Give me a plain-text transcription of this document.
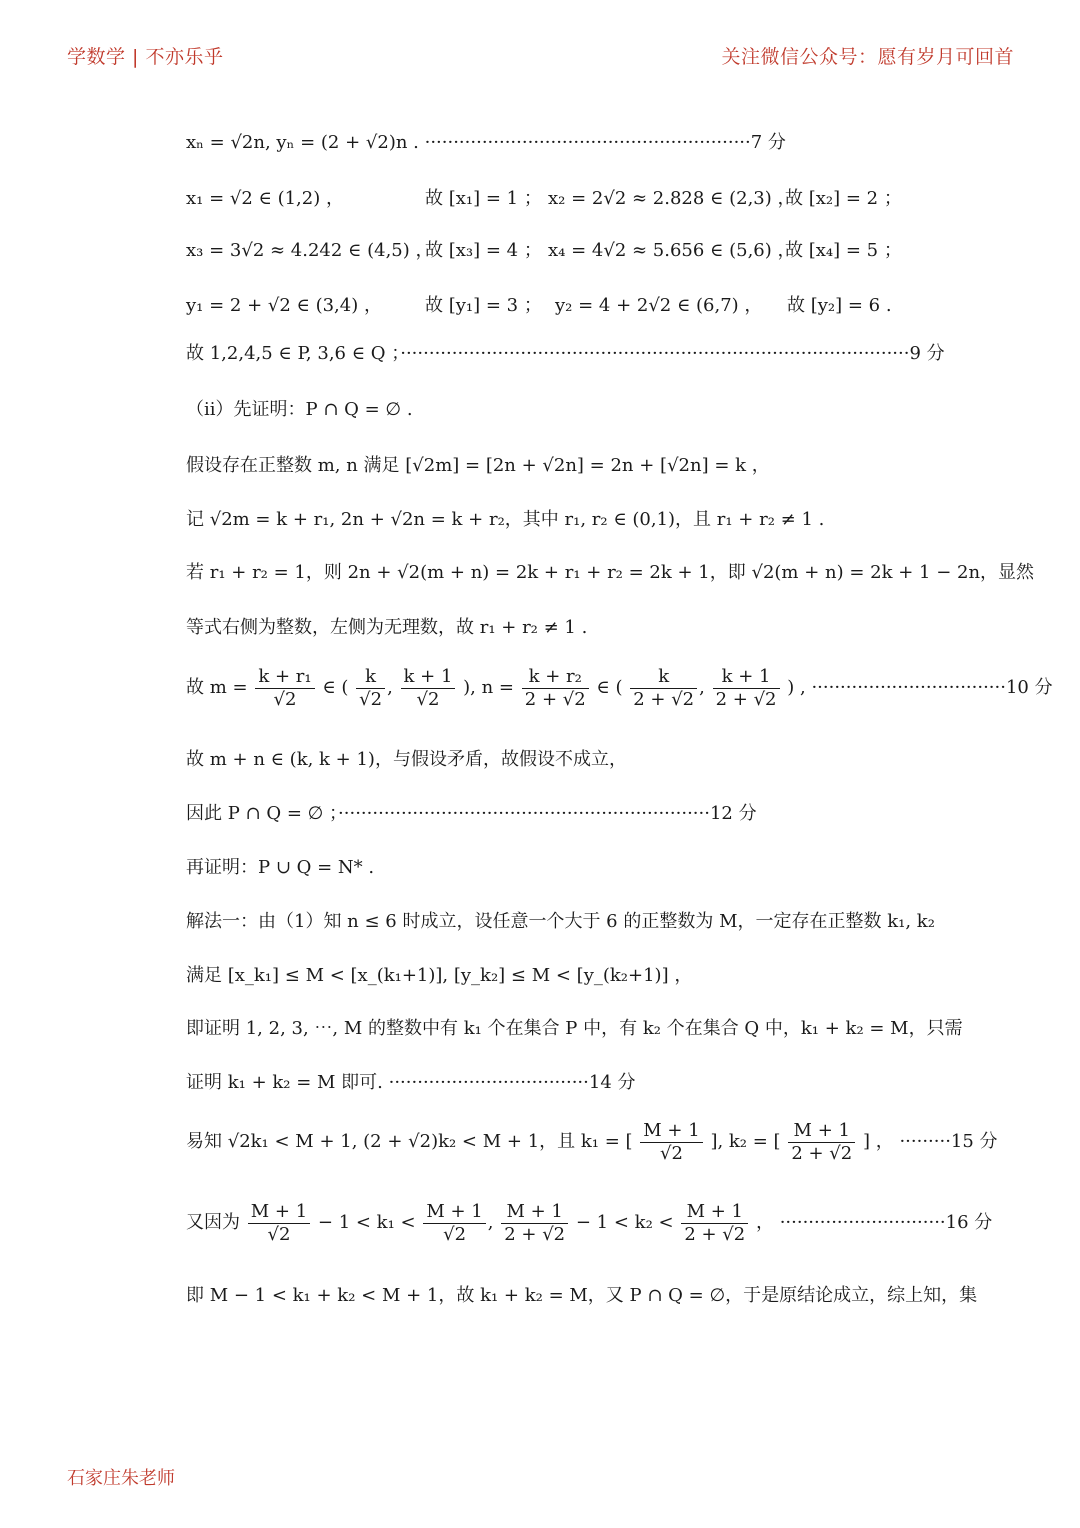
学数学 | 不亦乐乎	关注微信公众号：愿有岁月可回首
xₙ = √2n, yₙ = (2 + √2)n . ·························································7 分
x₁ = √2 ∈ (1,2) ，	故 [x₁] = 1 ； x₂ = 2√2 ≈ 2.828 ∈ (2,3) ，
故 [x₂] = 2 ；
x₃ = 3√2 ≈ 4.242 ∈ (4,5) ，
故 [x₃] = 4 ； x₄ = 4√2 ≈ 5.656 ∈ (5,6) ，
故 [x₄] = 5 ；
y₁ = 2 + √2 ∈ (3,4) ， 故 [y₁] = 3 ； y₂ = 4 + 2√2 ∈ (6,7) ， 故 [y₂] = 6 .
故 1,2,4,5 ∈ P, 3,6 ∈ Q ；·························································································9 分
（ii）先证明：P ∩ Q = ∅ .
假设存在正整数 m, n 满足 [√2m] = [2n + √2n] = 2n + [√2n] = k ，
记 √2m = k + r₁, 2n + √2n = k + r₂，其中 r₁, r₂ ∈ (0,1)，且 r₁ + r₂ ≠ 1 .
若 r₁ + r₂ = 1，则 2n + √2(m + n) = 2k + r₁ + r₂ = 2k + 1，即 √2(m + n) = 2k + 1 − 2n，显然
等式右侧为整数，左侧为无理数，故 r₁ + r₂ ≠ 1 .
故 $m = \frac{\text{k + r₁}}{√2}$ ∈ ( $\frac{k}{√2}$ , $\frac{k + 1}{√2}$ ), $n = \frac{\text{k + r₂}}{2 + √2}$ ∈ ( $\frac{k}{2 + √2}$ , $\frac{k + 1}{2 + √2}$ ) , ··································10 分
故 m + n ∈ (k, k + 1)，与假设矛盾，故假设不成立，
因此 P ∩ Q = ∅ ；·································································12 分
再证明：P ∪ Q = N* .
解法一：由（1）知 n ≤ 6 时成立，设任意一个大于 6 的正整数为 M，一定存在正整数 k₁, k₂
满足 [x_k₁] ≤ M < [x_(k₁+1)], [y_k₂] ≤ M < [y_(k₂+1)] ，
即证明 1, 2, 3, ⋯, M 的整数中有 k₁ 个在集合 P 中，有 k₂ 个在集合 Q 中，k₁ + k₂ = M，只需
证明 k₁ + k₂ = M 即可. ···································14 分
易知 √2k₁ < M + 1, (2 + √2)k₂ < M + 1，且 k₁ = [ $\frac{M + 1}{√2}$ ], k₂ = [ $\frac{M + 1}{2 + √2}$ ] ， ·········15 分
又因为 $\frac{M + 1}{√2} - 1 < k_1 < \frac{M + 1}{√2}$ , $\frac{M + 1}{2 + √2} - 1 < k_2 < \frac{M + 1}{2 + √2}$ ， ·····························16 分
即 M − 1 < k₁ + k₂ < M + 1，故 k₁ + k₂ = M，又 P ∩ Q = ∅，于是原结论成立，综上知，集
石家庄朱老师
